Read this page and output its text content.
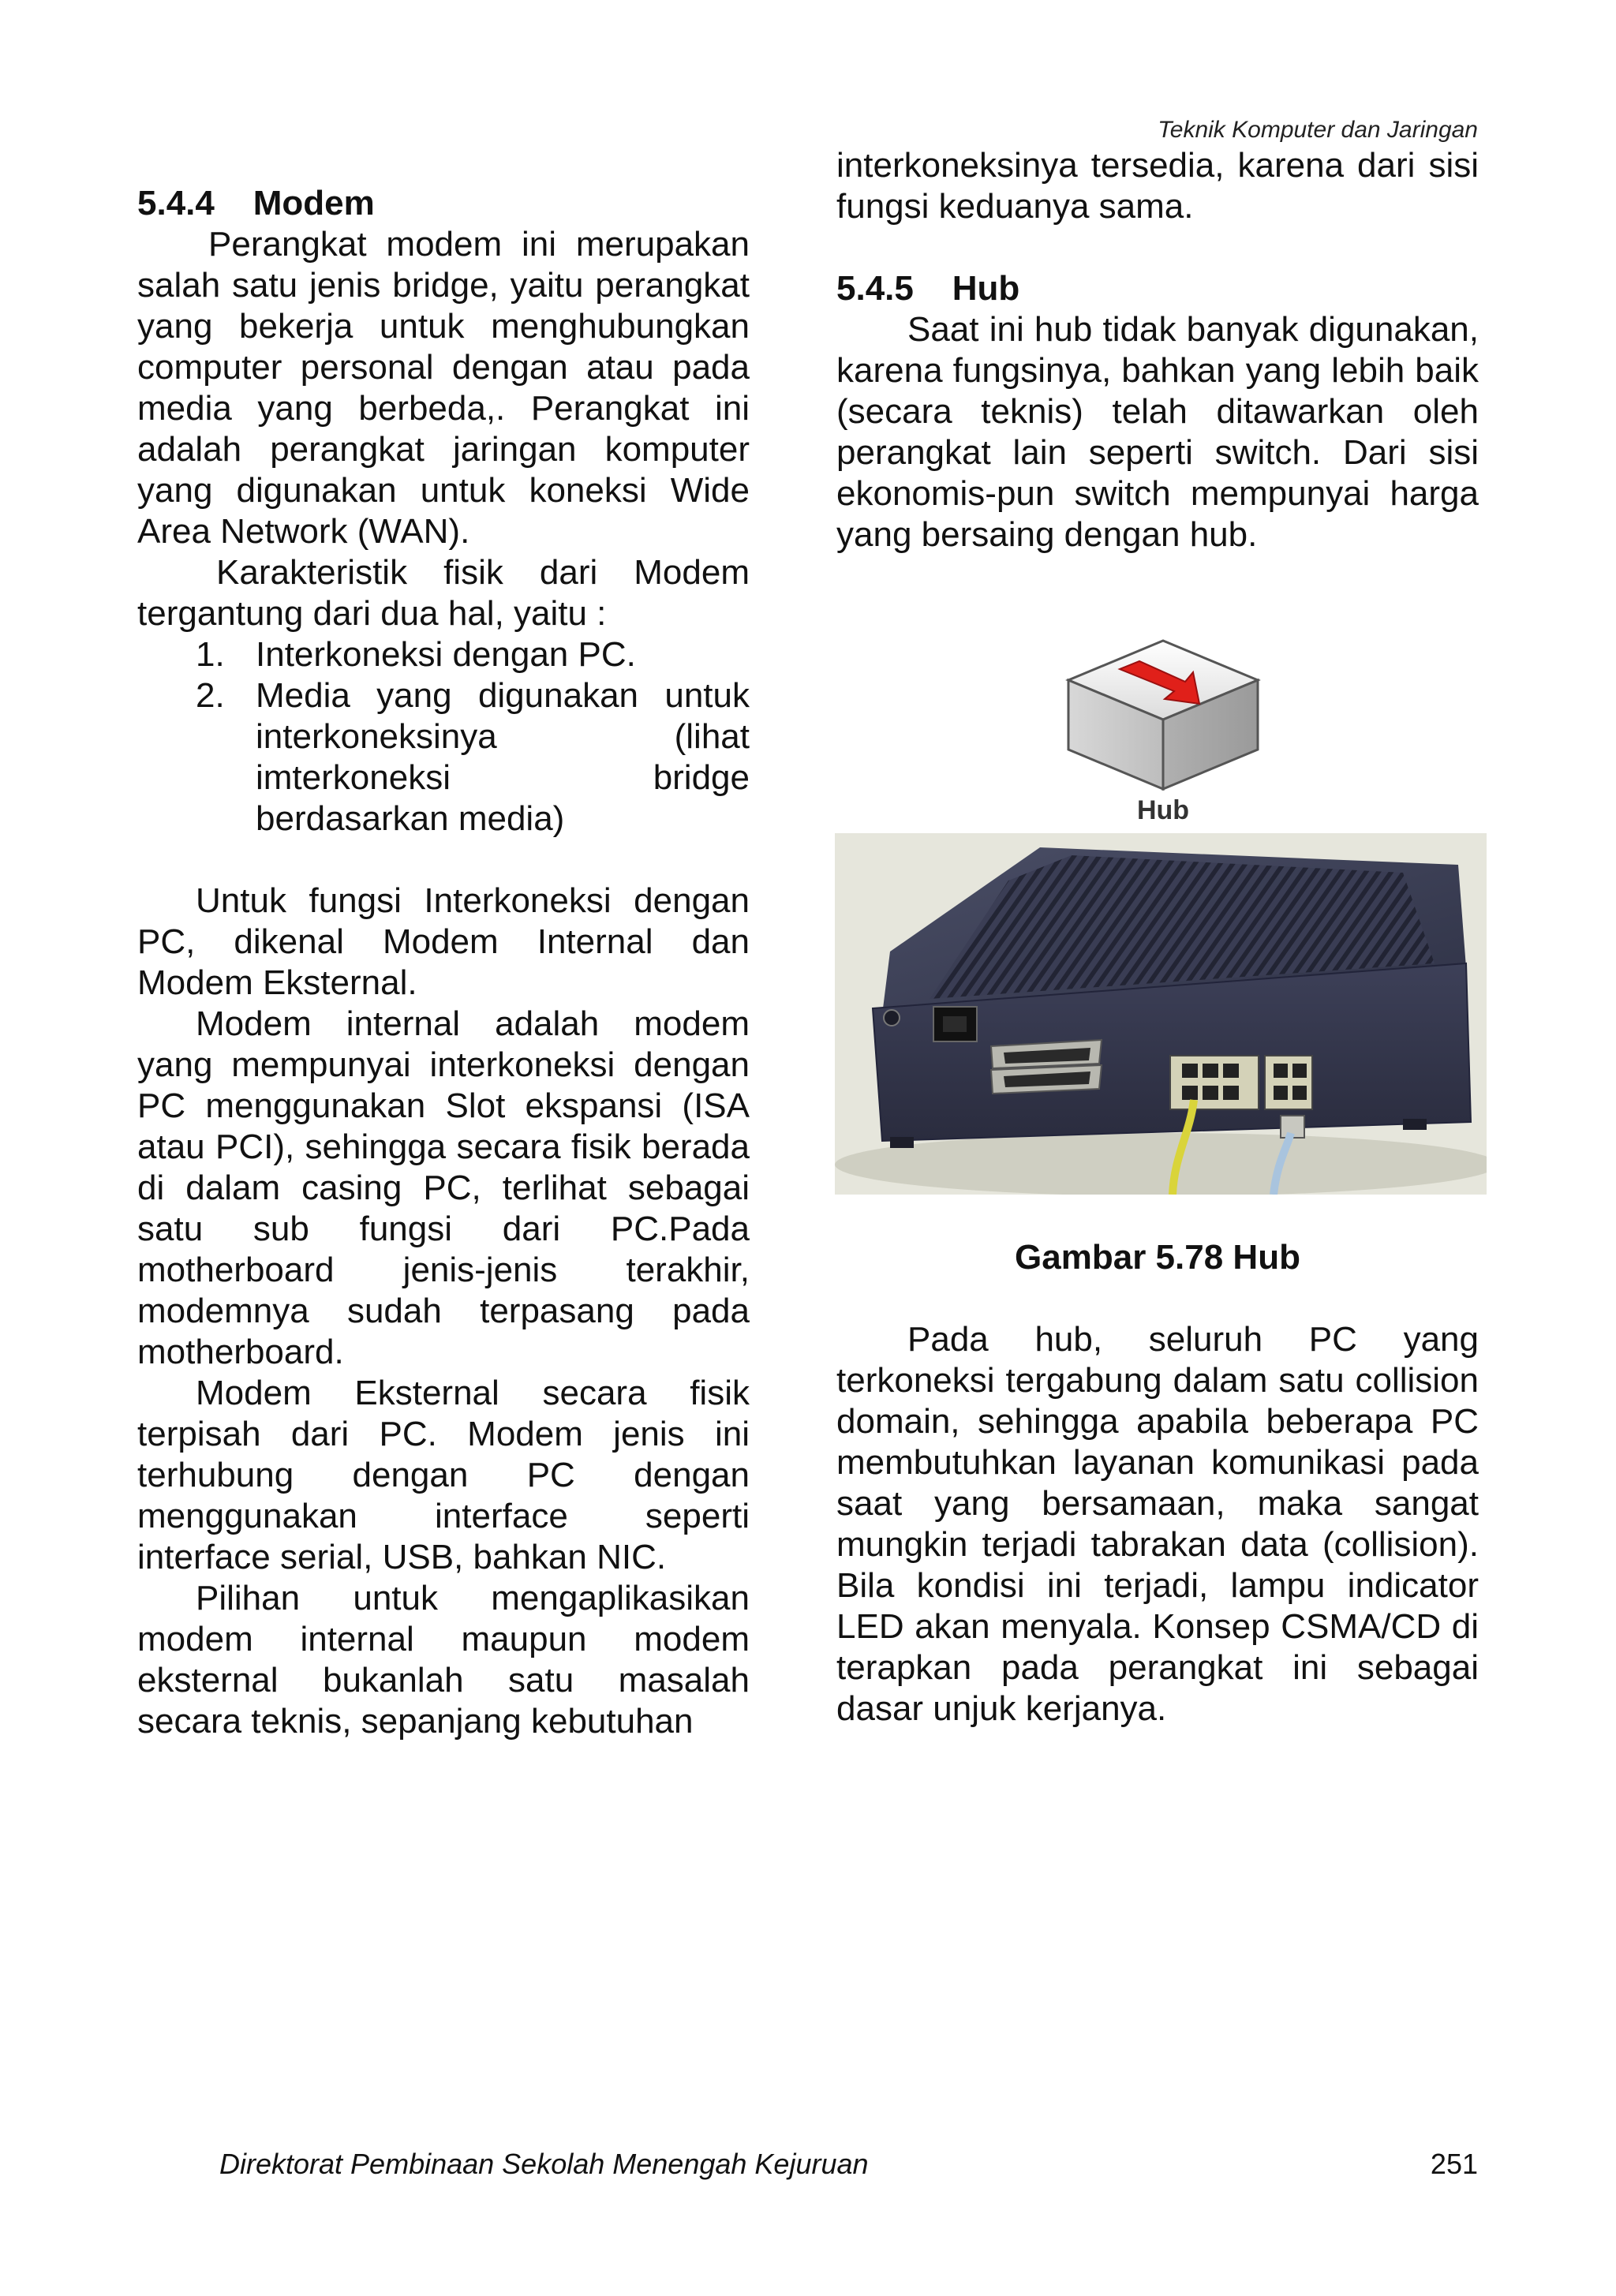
Teknik Komputer dan Jaringan

5.4.4    Modem

Perangkat modem ini merupakan salah satu jenis bridge, yaitu perangkat yang bekerja untuk menghubungkan computer personal dengan atau pada media yang berbeda,. Perangkat ini adalah perangkat jaringan komputer yang digunakan untuk koneksi Wide Area Network (WAN).

Karakteristik fisik dari Modem tergantung dari dua hal, yaitu :

1. Interkoneksi dengan PC.
2. Media yang digunakan untuk interkoneksinya (lihat imterkoneksi bridge berdasarkan media)

Untuk fungsi Interkoneksi dengan PC, dikenal Modem Internal dan Modem Eksternal.

Modem internal adalah modem yang mempunyai interkoneksi dengan PC menggunakan Slot ekspansi (ISA atau PCI), sehingga secara fisik berada di dalam casing PC, terlihat sebagai satu sub fungsi dari PC.Pada motherboard jenis-jenis terakhir, modemnya sudah terpasang pada motherboard.

Modem Eksternal secara fisik terpisah dari PC. Modem jenis ini terhubung dengan PC dengan menggunakan interface seperti interface serial, USB, bahkan NIC.

Pilihan untuk mengaplikasikan modem internal maupun modem eksternal bukanlah satu masalah secara teknis, sepanjang kebutuhan

interkoneksinya tersedia, karena dari sisi fungsi keduanya sama.

5.4.5    Hub

Saat ini hub tidak banyak digunakan, karena fungsinya, bahkan yang lebih baik (secara teknis) telah ditawarkan oleh perangkat lain seperti switch. Dari sisi ekonomis-pun switch mempunyai harga yang bersaing dengan hub.

Hub
Gambar 5.78 Hub

Pada hub, seluruh PC yang terkoneksi tergabung dalam satu collision domain, sehingga apabila beberapa PC membutuhkan layanan komunikasi pada saat yang bersamaan, maka sangat mungkin terjadi tabrakan data (collision). Bila kondisi ini terjadi, lampu indicator LED akan menyala. Konsep CSMA/CD di terapkan pada perangkat ini sebagai dasar unjuk kerjanya.

Direktorat Pembinaan Sekolah Menengah Kejuruan	251
